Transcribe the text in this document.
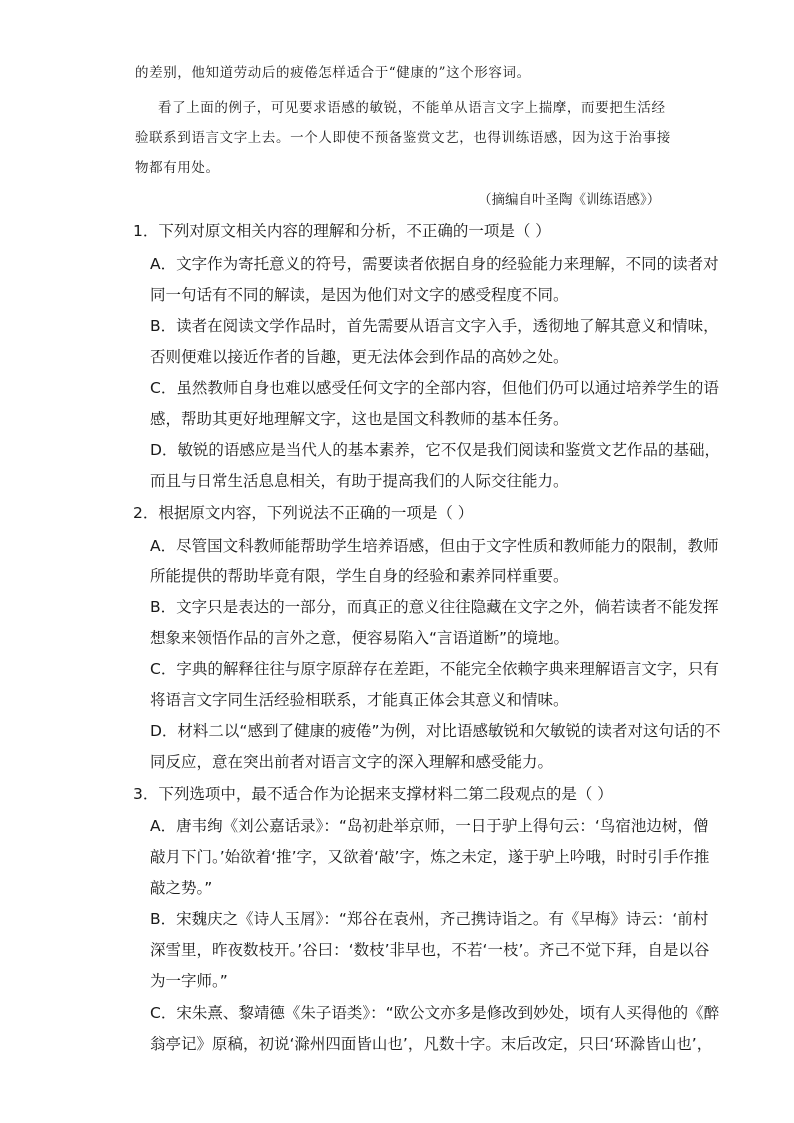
的差别，他知道劳动后的疲倦怎样适合于“健康的”这个形容词。
看了上面的例子，可见要求语感的敏锐，不能单从语言文字上揣摩，而要把生活经
验联系到语言文字上去。一个人即使不预备鉴赏文艺，也得训练语感，因为这于治事接
物都有用处。
（摘编自叶圣陶《训练语感》）
1．下列对原文相关内容的理解和分析，不正确的一项是（ ）
A．文字作为寄托意义的符号，需要读者依据自身的经验能力来理解，不同的读者对
同一句话有不同的解读，是因为他们对文字的感受程度不同。
B．读者在阅读文学作品时，首先需要从语言文字入手，透彻地了解其意义和情味，
否则便难以接近作者的旨趣，更无法体会到作品的高妙之处。
C．虽然教师自身也难以感受任何文字的全部内容，但他们仍可以通过培养学生的语
感，帮助其更好地理解文字，这也是国文科教师的基本任务。
D．敏锐的语感应是当代人的基本素养，它不仅是我们阅读和鉴赏文艺作品的基础，
而且与日常生活息息相关，有助于提高我们的人际交往能力。
2．根据原文内容，下列说法不正确的一项是（ ）
A．尽管国文科教师能帮助学生培养语感，但由于文字性质和教师能力的限制，教师
所能提供的帮助毕竟有限，学生自身的经验和素养同样重要。
B．文字只是表达的一部分，而真正的意义往往隐藏在文字之外，倘若读者不能发挥
想象来领悟作品的言外之意，便容易陷入“言语道断”的境地。
C．字典的解释往往与原字原辞存在差距，不能完全依赖字典来理解语言文字，只有
将语言文字同生活经验相联系，才能真正体会其意义和情味。
D．材料二以“感到了健康的疲倦”为例，对比语感敏锐和欠敏锐的读者对这句话的不
同反应，意在突出前者对语言文字的深入理解和感受能力。
3．下列选项中，最不适合作为论据来支撑材料二第二段观点的是（ ）
A．唐韦绚《刘公嘉话录》：“岛初赴举京师，一日于驴上得句云：‘鸟宿池边树，僧
敲月下门。’始欲着‘推’字，又欲着‘敲’字，炼之未定，遂于驴上吟哦，时时引手作推
敲之势。”
B．宋魏庆之《诗人玉屑》：“郑谷在袁州，齐己携诗诣之。有《早梅》诗云：‘前村
深雪里，昨夜数枝开。’谷曰：‘数枝’非早也，不若‘一枝’。齐己不觉下拜，自是以谷
为一字师。”
C．宋朱熹、黎靖德《朱子语类》：“欧公文亦多是修改到妙处，顷有人买得他的《醉
翁亭记》原稿，初说‘滁州四面皆山也’，凡数十字。末后改定，只曰‘环滁皆山也’，
